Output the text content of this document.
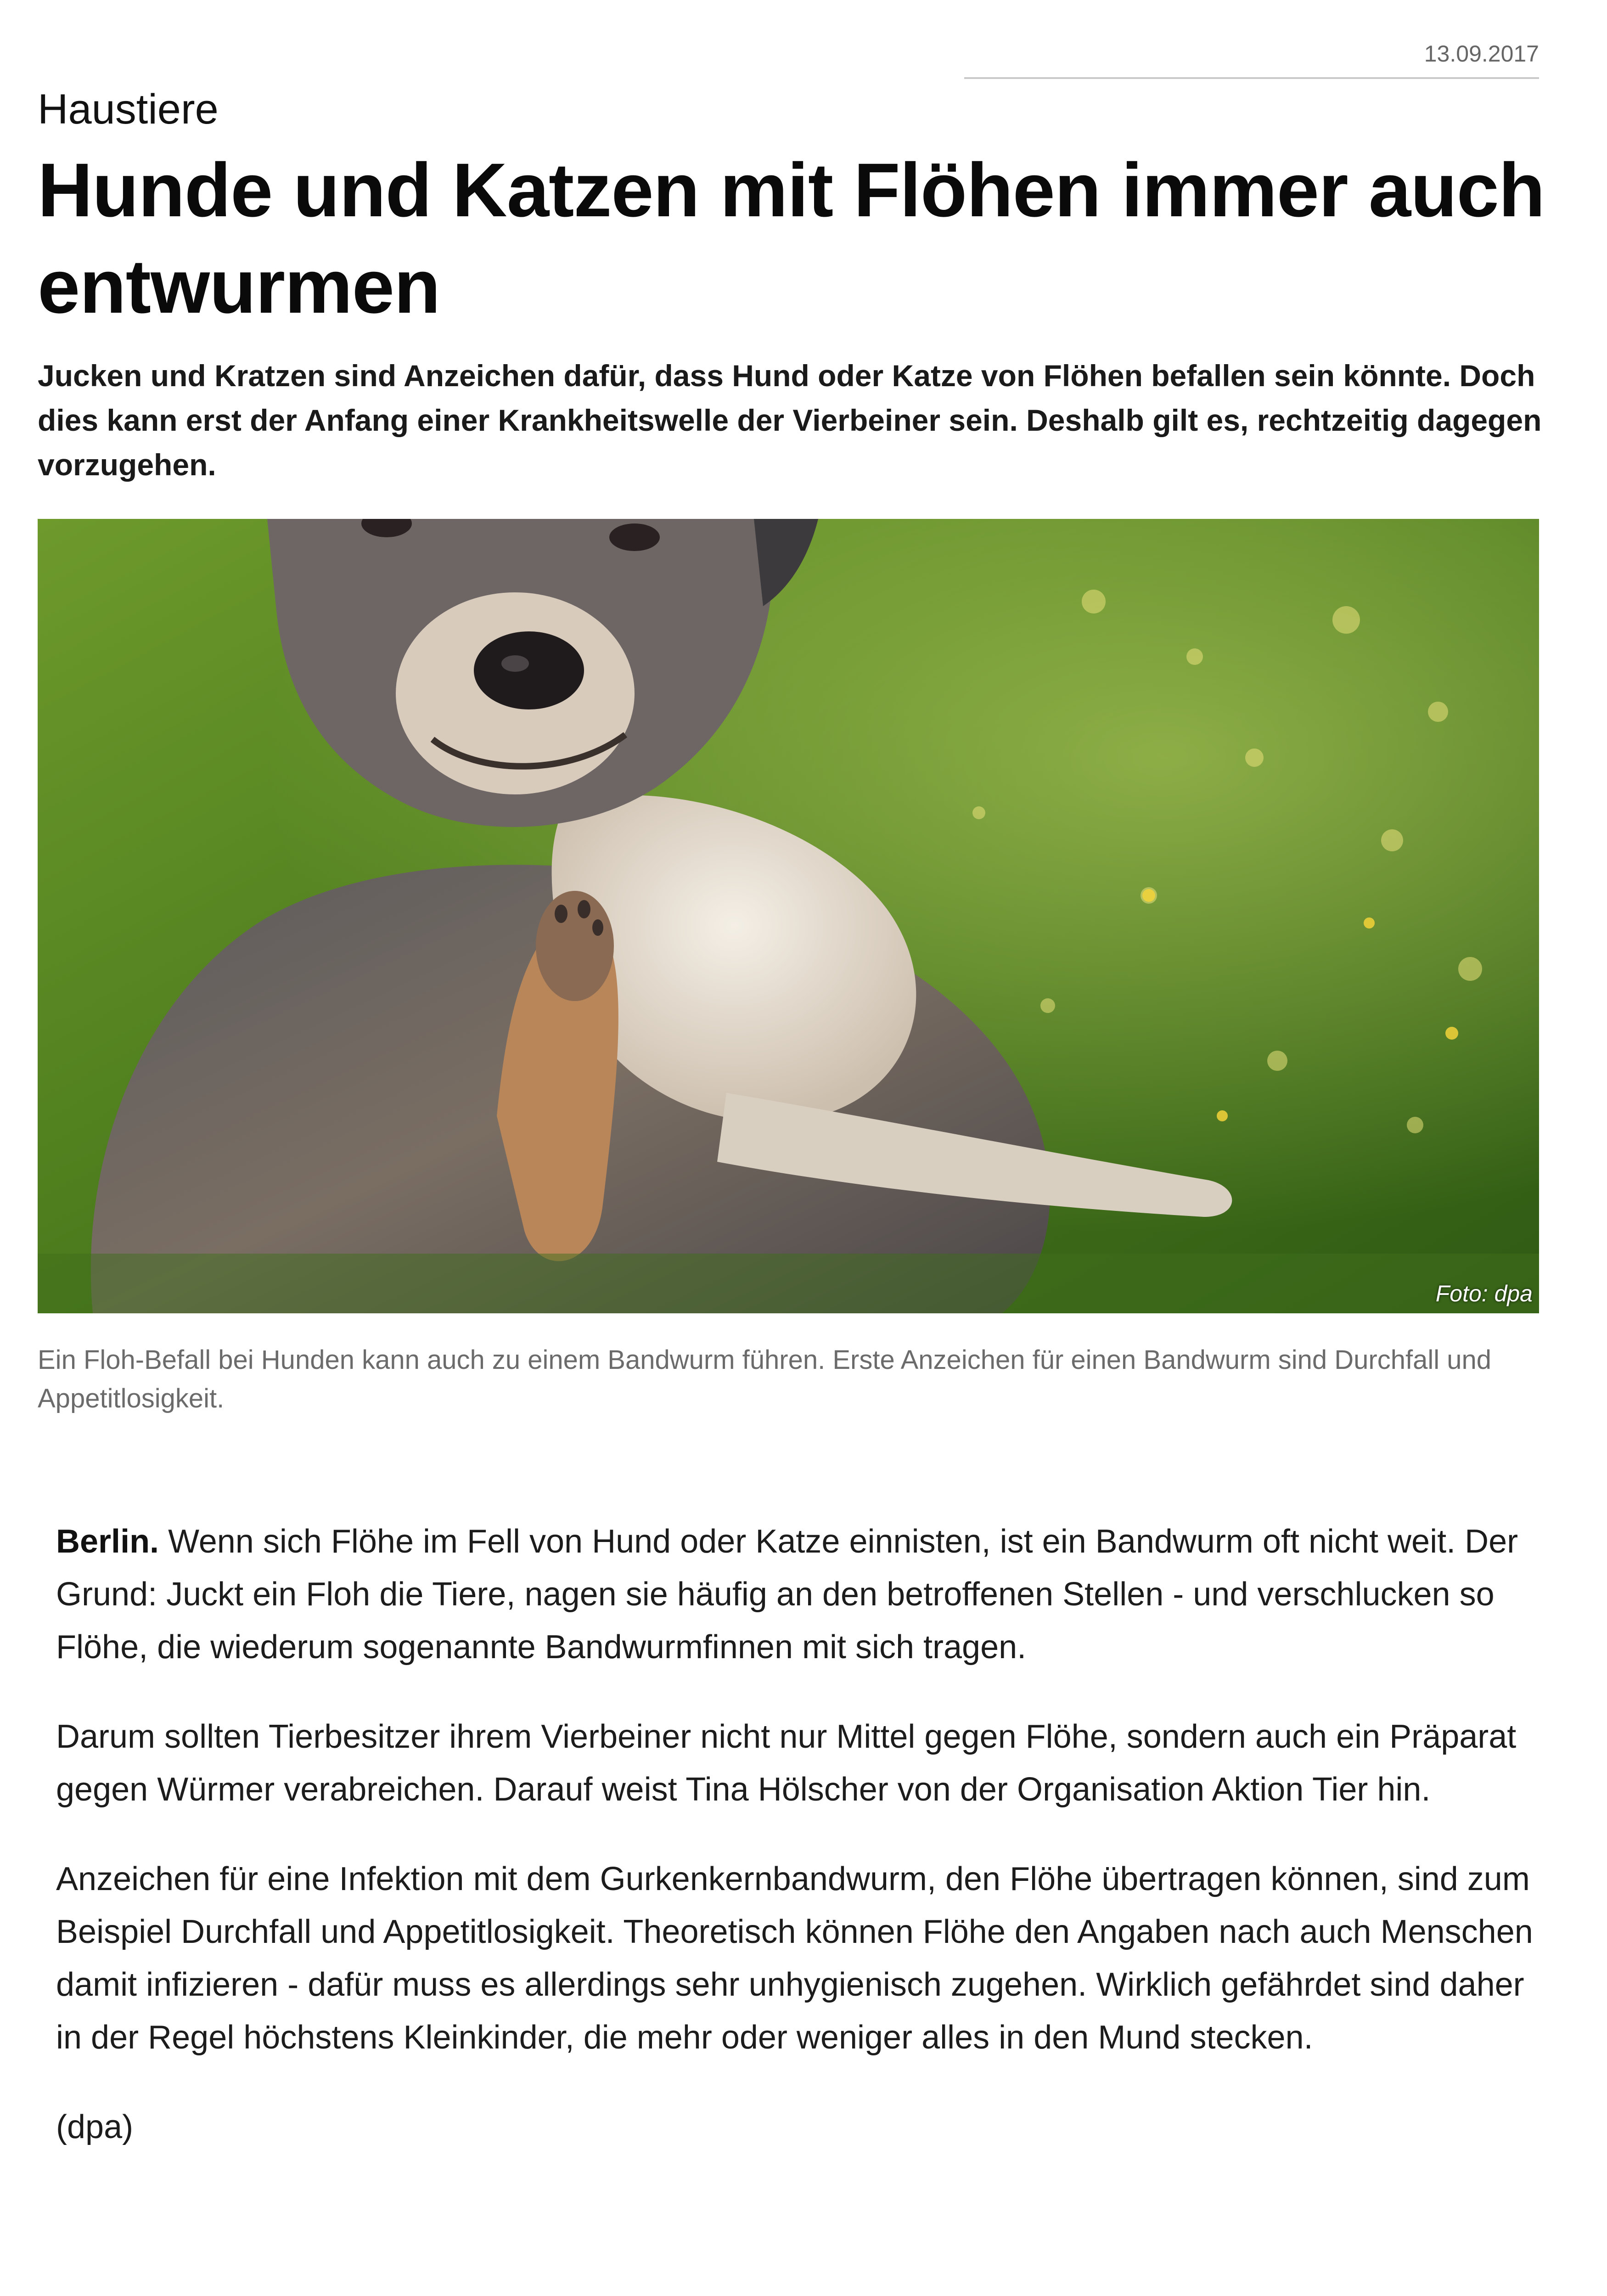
13.09.2017
Haustiere
Hunde und Katzen mit Flöhen immer auch entwurmen

Jucken und Kratzen sind Anzeichen dafür, dass Hund oder Katze von Flöhen befallen sein könnte. Doch dies kann erst der Anfang einer Krankheitswelle der Vierbeiner sein. Deshalb gilt es, rechtzeitig dagegen vorzugehen.

Foto: dpa

Ein Floh-Befall bei Hunden kann auch zu einem Bandwurm führen. Erste Anzeichen für einen Bandwurm sind Durchfall und Appetitlosigkeit.

Berlin. Wenn sich Flöhe im Fell von Hund oder Katze einnisten, ist ein Bandwurm oft nicht weit. Der Grund: Juckt ein Floh die Tiere, nagen sie häufig an den betroffenen Stellen - und verschlucken so Flöhe, die wiederum sogenannte Bandwurmfinnen mit sich tragen.

Darum sollten Tierbesitzer ihrem Vierbeiner nicht nur Mittel gegen Flöhe, sondern auch ein Präparat gegen Würmer verabreichen. Darauf weist Tina Hölscher von der Organisation Aktion Tier hin.

Anzeichen für eine Infektion mit dem Gurkenkernbandwurm, den Flöhe übertragen können, sind zum Beispiel Durchfall und Appetitlosigkeit. Theoretisch können Flöhe den Angaben nach auch Menschen damit infizieren - dafür muss es allerdings sehr unhygienisch zugehen. Wirklich gefährdet sind daher in der Regel höchstens Kleinkinder, die mehr oder weniger alles in den Mund stecken.

(dpa)
